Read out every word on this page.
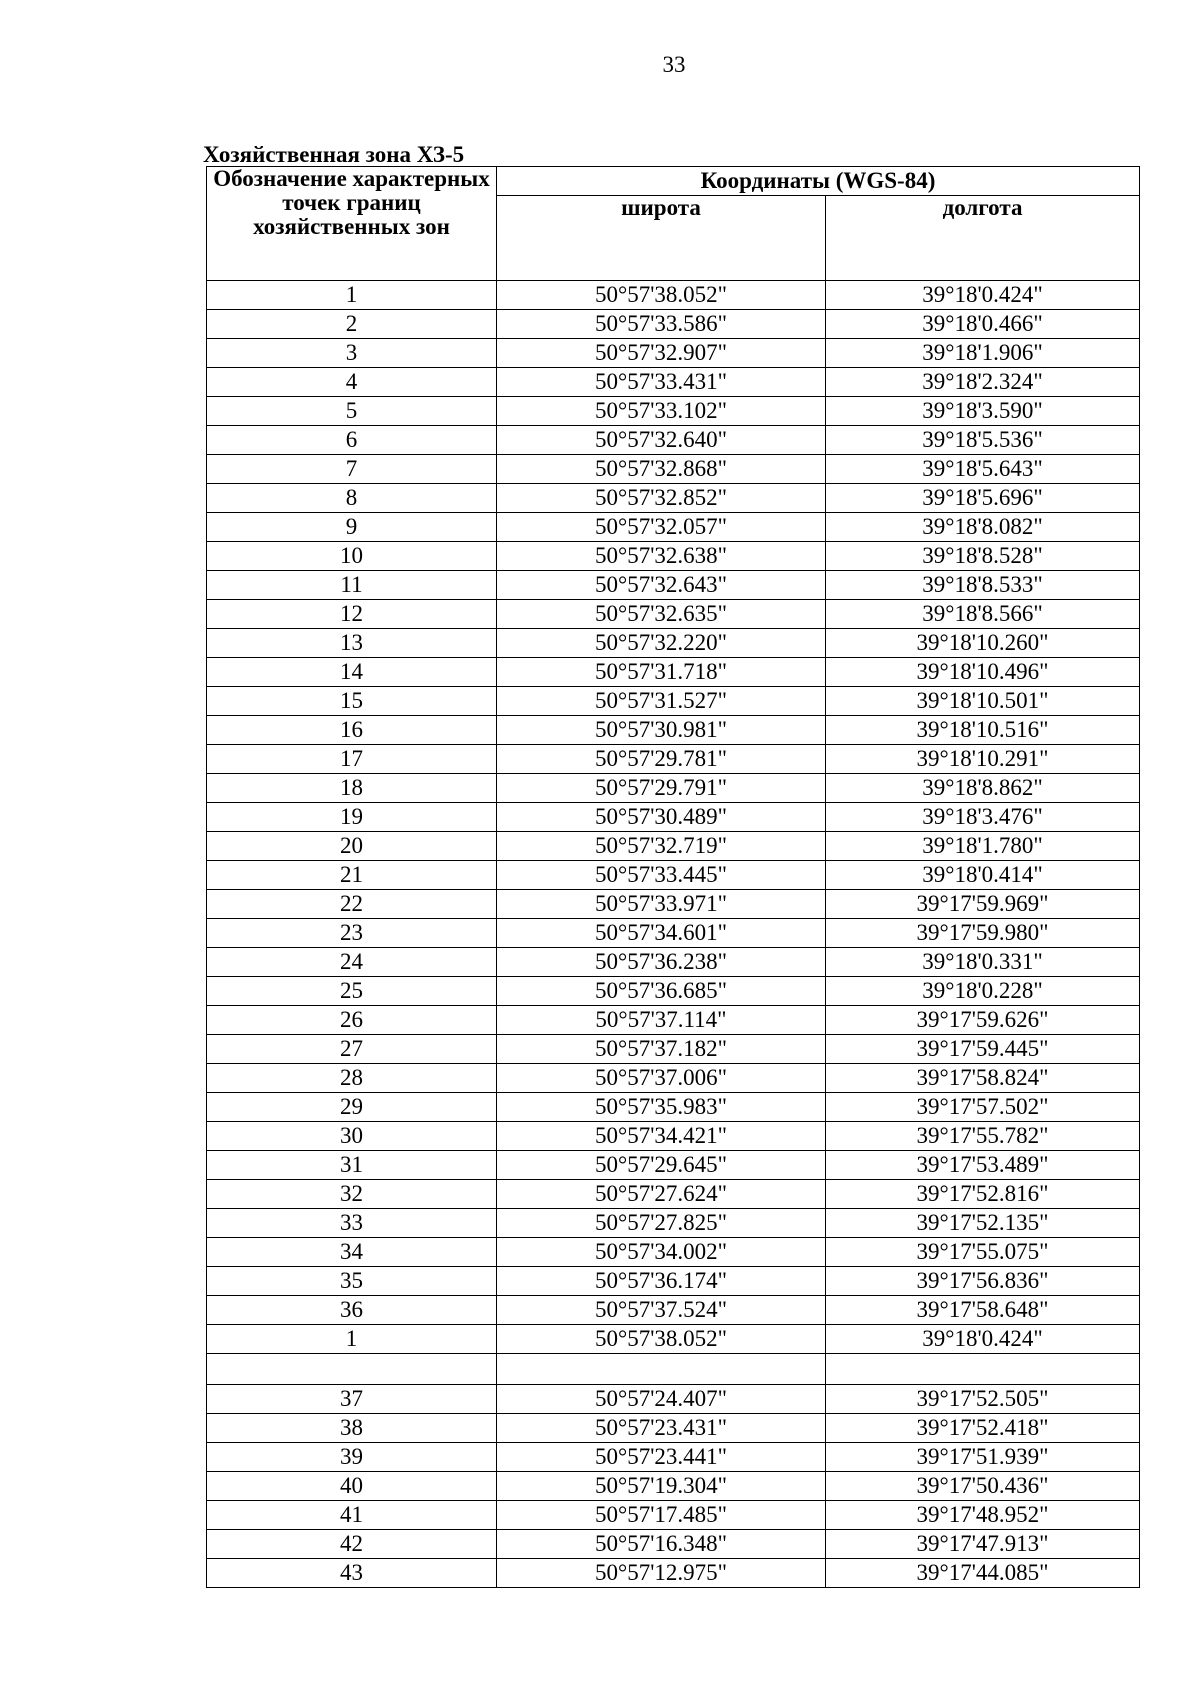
33
Хозяйственная зона ХЗ-5
Обозначение характерных точек границ хозяйственных зон	Координаты (WGS-84)	
	широта	долгота
1	50°57'38.052"	39°18'0.424"
2	50°57'33.586"	39°18'0.466"
3	50°57'32.907"	39°18'1.906"
4	50°57'33.431"	39°18'2.324"
5	50°57'33.102"	39°18'3.590"
6	50°57'32.640"	39°18'5.536"
7	50°57'32.868"	39°18'5.643"
8	50°57'32.852"	39°18'5.696"
9	50°57'32.057"	39°18'8.082"
10	50°57'32.638"	39°18'8.528"
11	50°57'32.643"	39°18'8.533"
12	50°57'32.635"	39°18'8.566"
13	50°57'32.220"	39°18'10.260"
14	50°57'31.718"	39°18'10.496"
15	50°57'31.527"	39°18'10.501"
16	50°57'30.981"	39°18'10.516"
17	50°57'29.781"	39°18'10.291"
18	50°57'29.791"	39°18'8.862"
19	50°57'30.489"	39°18'3.476"
20	50°57'32.719"	39°18'1.780"
21	50°57'33.445"	39°18'0.414"
22	50°57'33.971"	39°17'59.969"
23	50°57'34.601"	39°17'59.980"
24	50°57'36.238"	39°18'0.331"
25	50°57'36.685"	39°18'0.228"
26	50°57'37.114"	39°17'59.626"
27	50°57'37.182"	39°17'59.445"
28	50°57'37.006"	39°17'58.824"
29	50°57'35.983"	39°17'57.502"
30	50°57'34.421"	39°17'55.782"
31	50°57'29.645"	39°17'53.489"
32	50°57'27.624"	39°17'52.816"
33	50°57'27.825"	39°17'52.135"
34	50°57'34.002"	39°17'55.075"
35	50°57'36.174"	39°17'56.836"
36	50°57'37.524"	39°17'58.648"
1	50°57'38.052"	39°18'0.424"

37	50°57'24.407"	39°17'52.505"
38	50°57'23.431"	39°17'52.418"
39	50°57'23.441"	39°17'51.939"
40	50°57'19.304"	39°17'50.436"
41	50°57'17.485"	39°17'48.952"
42	50°57'16.348"	39°17'47.913"
43	50°57'12.975"	39°17'44.085"
